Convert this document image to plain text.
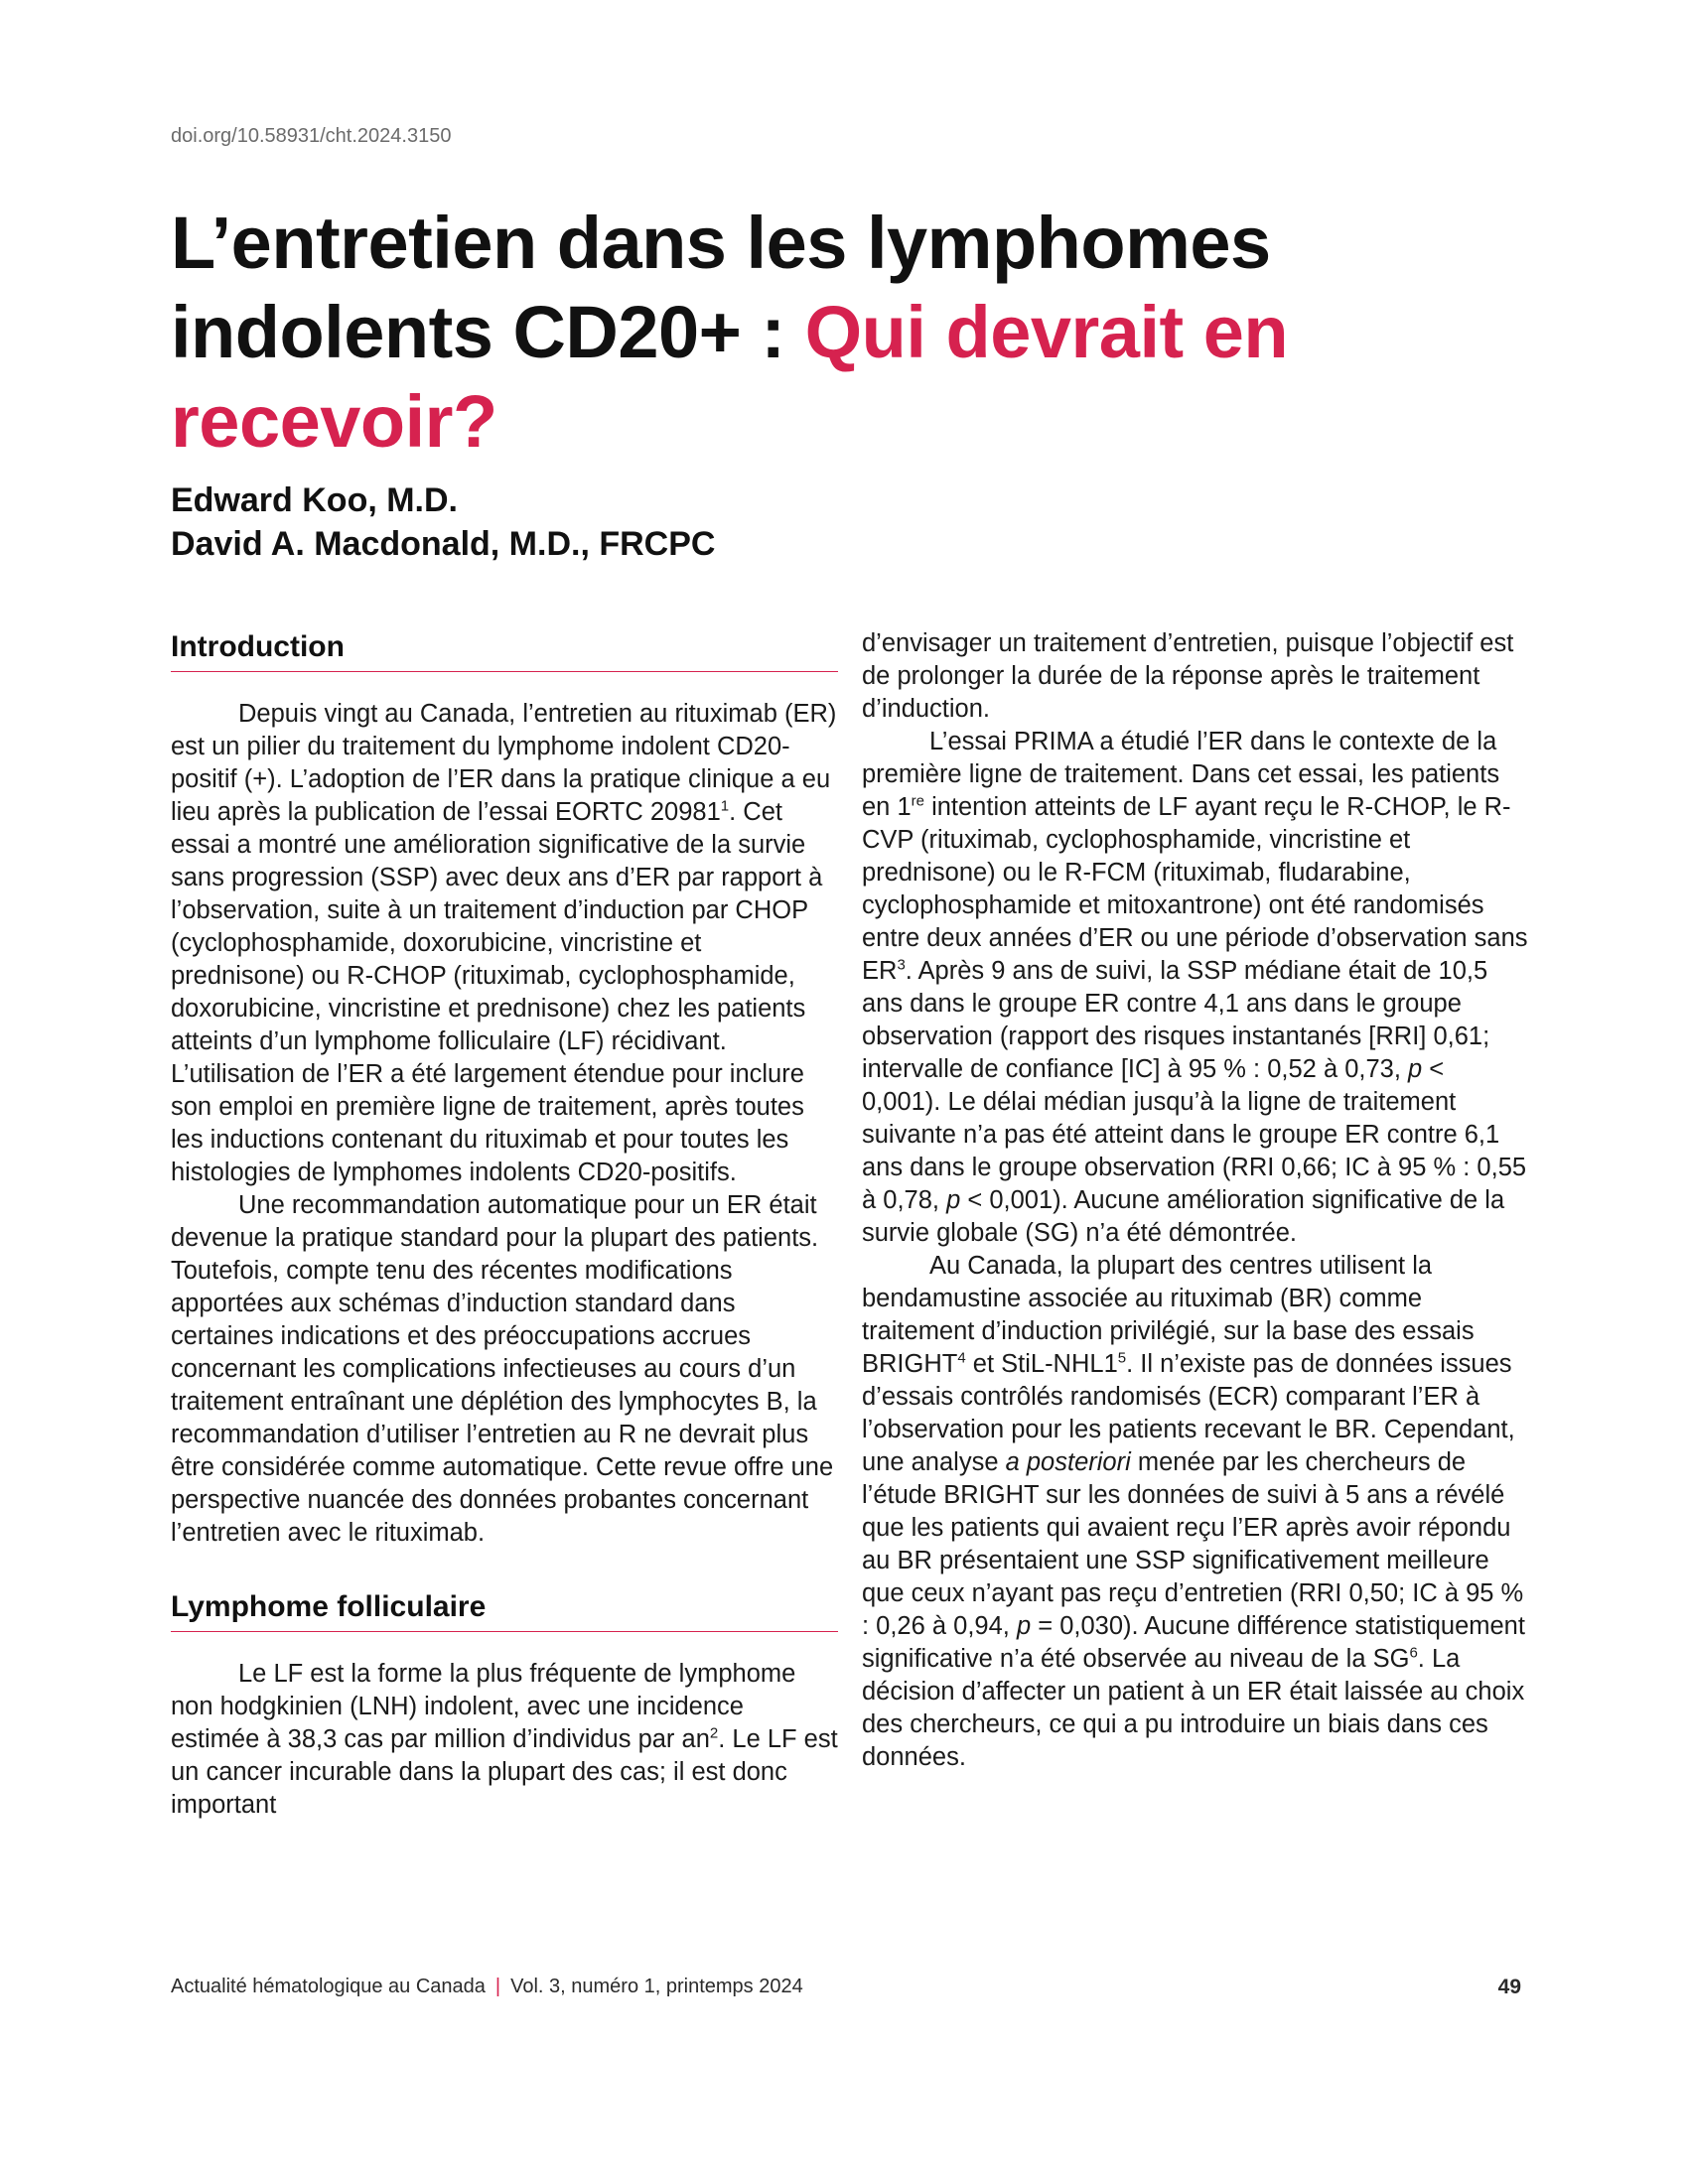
doi.org/10.58931/cht.2024.3150
L’entretien dans les lymphomes indolents CD20+ : Qui devrait en recevoir?
Edward Koo, M.D.
David A. Macdonald, M.D., FRCPC
Introduction

Depuis vingt au Canada, l’entretien au rituximab (ER) est un pilier du traitement du lymphome indolent CD20-positif (+). L’adoption de l’ER dans la pratique clinique a eu lieu après la publication de l’essai EORTC 20981$^1$. Cet essai a montré une amélioration significative de la survie sans progression (SSP) avec deux ans d’ER par rapport à l’observation, suite à un traitement d’induction par CHOP (cyclophosphamide, doxorubicine, vincristine et prednisone) ou R-CHOP (rituximab, cyclophosphamide, doxorubicine, vincristine et prednisone) chez les patients atteints d’un lymphome folliculaire (LF) récidivant. L’utilisation de l’ER a été largement étendue pour inclure son emploi en première ligne de traitement, après toutes les inductions contenant du rituximab et pour toutes les histologies de lymphomes indolents CD20-positifs.

Une recommandation automatique pour un ER était devenue la pratique standard pour la plupart des patients. Toutefois, compte tenu des récentes modifications apportées aux schémas d’induction standard dans certaines indications et des préoccupations accrues concernant les complications infectieuses au cours d’un traitement entraînant une déplétion des lymphocytes B, la recommandation d’utiliser l’entretien au R ne devrait plus être considérée comme automatique. Cette revue offre une perspective nuancée des données probantes concernant l’entretien avec le rituximab.

Lymphome folliculaire

Le LF est la forme la plus fréquente de lymphome non hodgkinien (LNH) indolent, avec une incidence estimée à 38,3 cas par million d’individus par $an^2$. Le LF est un cancer incurable dans la plupart des cas; il est donc important

d’envisager un traitement d’entretien, puisque l’objectif est de prolonger la durée de la réponse après le traitement d’induction.

L’essai PRIMA a étudié l’ER dans le contexte de la première ligne de traitement. Dans cet essai, les patients en 1re intention atteints de LF ayant reçu le R-CHOP, le R-CVP (rituximab, cyclophosphamide, vincristine et prednisone) ou le R-FCM (rituximab, fludarabine, cyclophosphamide et mitoxantrone) ont été randomisés entre deux années d’ER ou une période d’observation sans $ER^3$. Après 9 ans de suivi, la SSP médiane était de 10,5 ans dans le groupe ER contre 4,1 ans dans le groupe observation (rapport des risques instantanés [RRI] 0,61; intervalle de confiance [IC] à 95 % : 0,52 à 0,73, p < 0,001). Le délai médian jusqu’à la ligne de traitement suivante n’a pas été atteint dans le groupe ER contre 6,1 ans dans le groupe observation (RRI 0,66; IC à 95 % : 0,55 à 0,78, p < 0,001). Aucune amélioration significative de la survie globale (SG) n’a été démontrée.

Au Canada, la plupart des centres utilisent la bendamustine associée au rituximab (BR) comme traitement d’induction privilégié, sur la base des essais BRIGHT$^4$ et StiL-$NHL1^5$. Il n’existe pas de données issues d’essais contrôlés randomisés (ECR) comparant l’ER à l’observation pour les patients recevant le BR. Cependant, une analyse a posteriori menée par les chercheurs de l’étude BRIGHT sur les données de suivi à 5 ans a révélé que les patients qui avaient reçu l’ER après avoir répondu au BR présentaient une SSP significativement meilleure que ceux n’ayant pas reçu d’entretien (RRI 0,50; IC à 95 % : 0,26 à 0,94, p = 0,030). Aucune différence statistiquement significative n’a été observée au niveau de la $SG^6$. La décision d’affecter un patient à un ER était laissée au choix des chercheurs, ce qui a pu introduire un biais dans ces données.

Actualité hématologique au Canada | Vol. 3, numéro 1, printemps 2024	49
